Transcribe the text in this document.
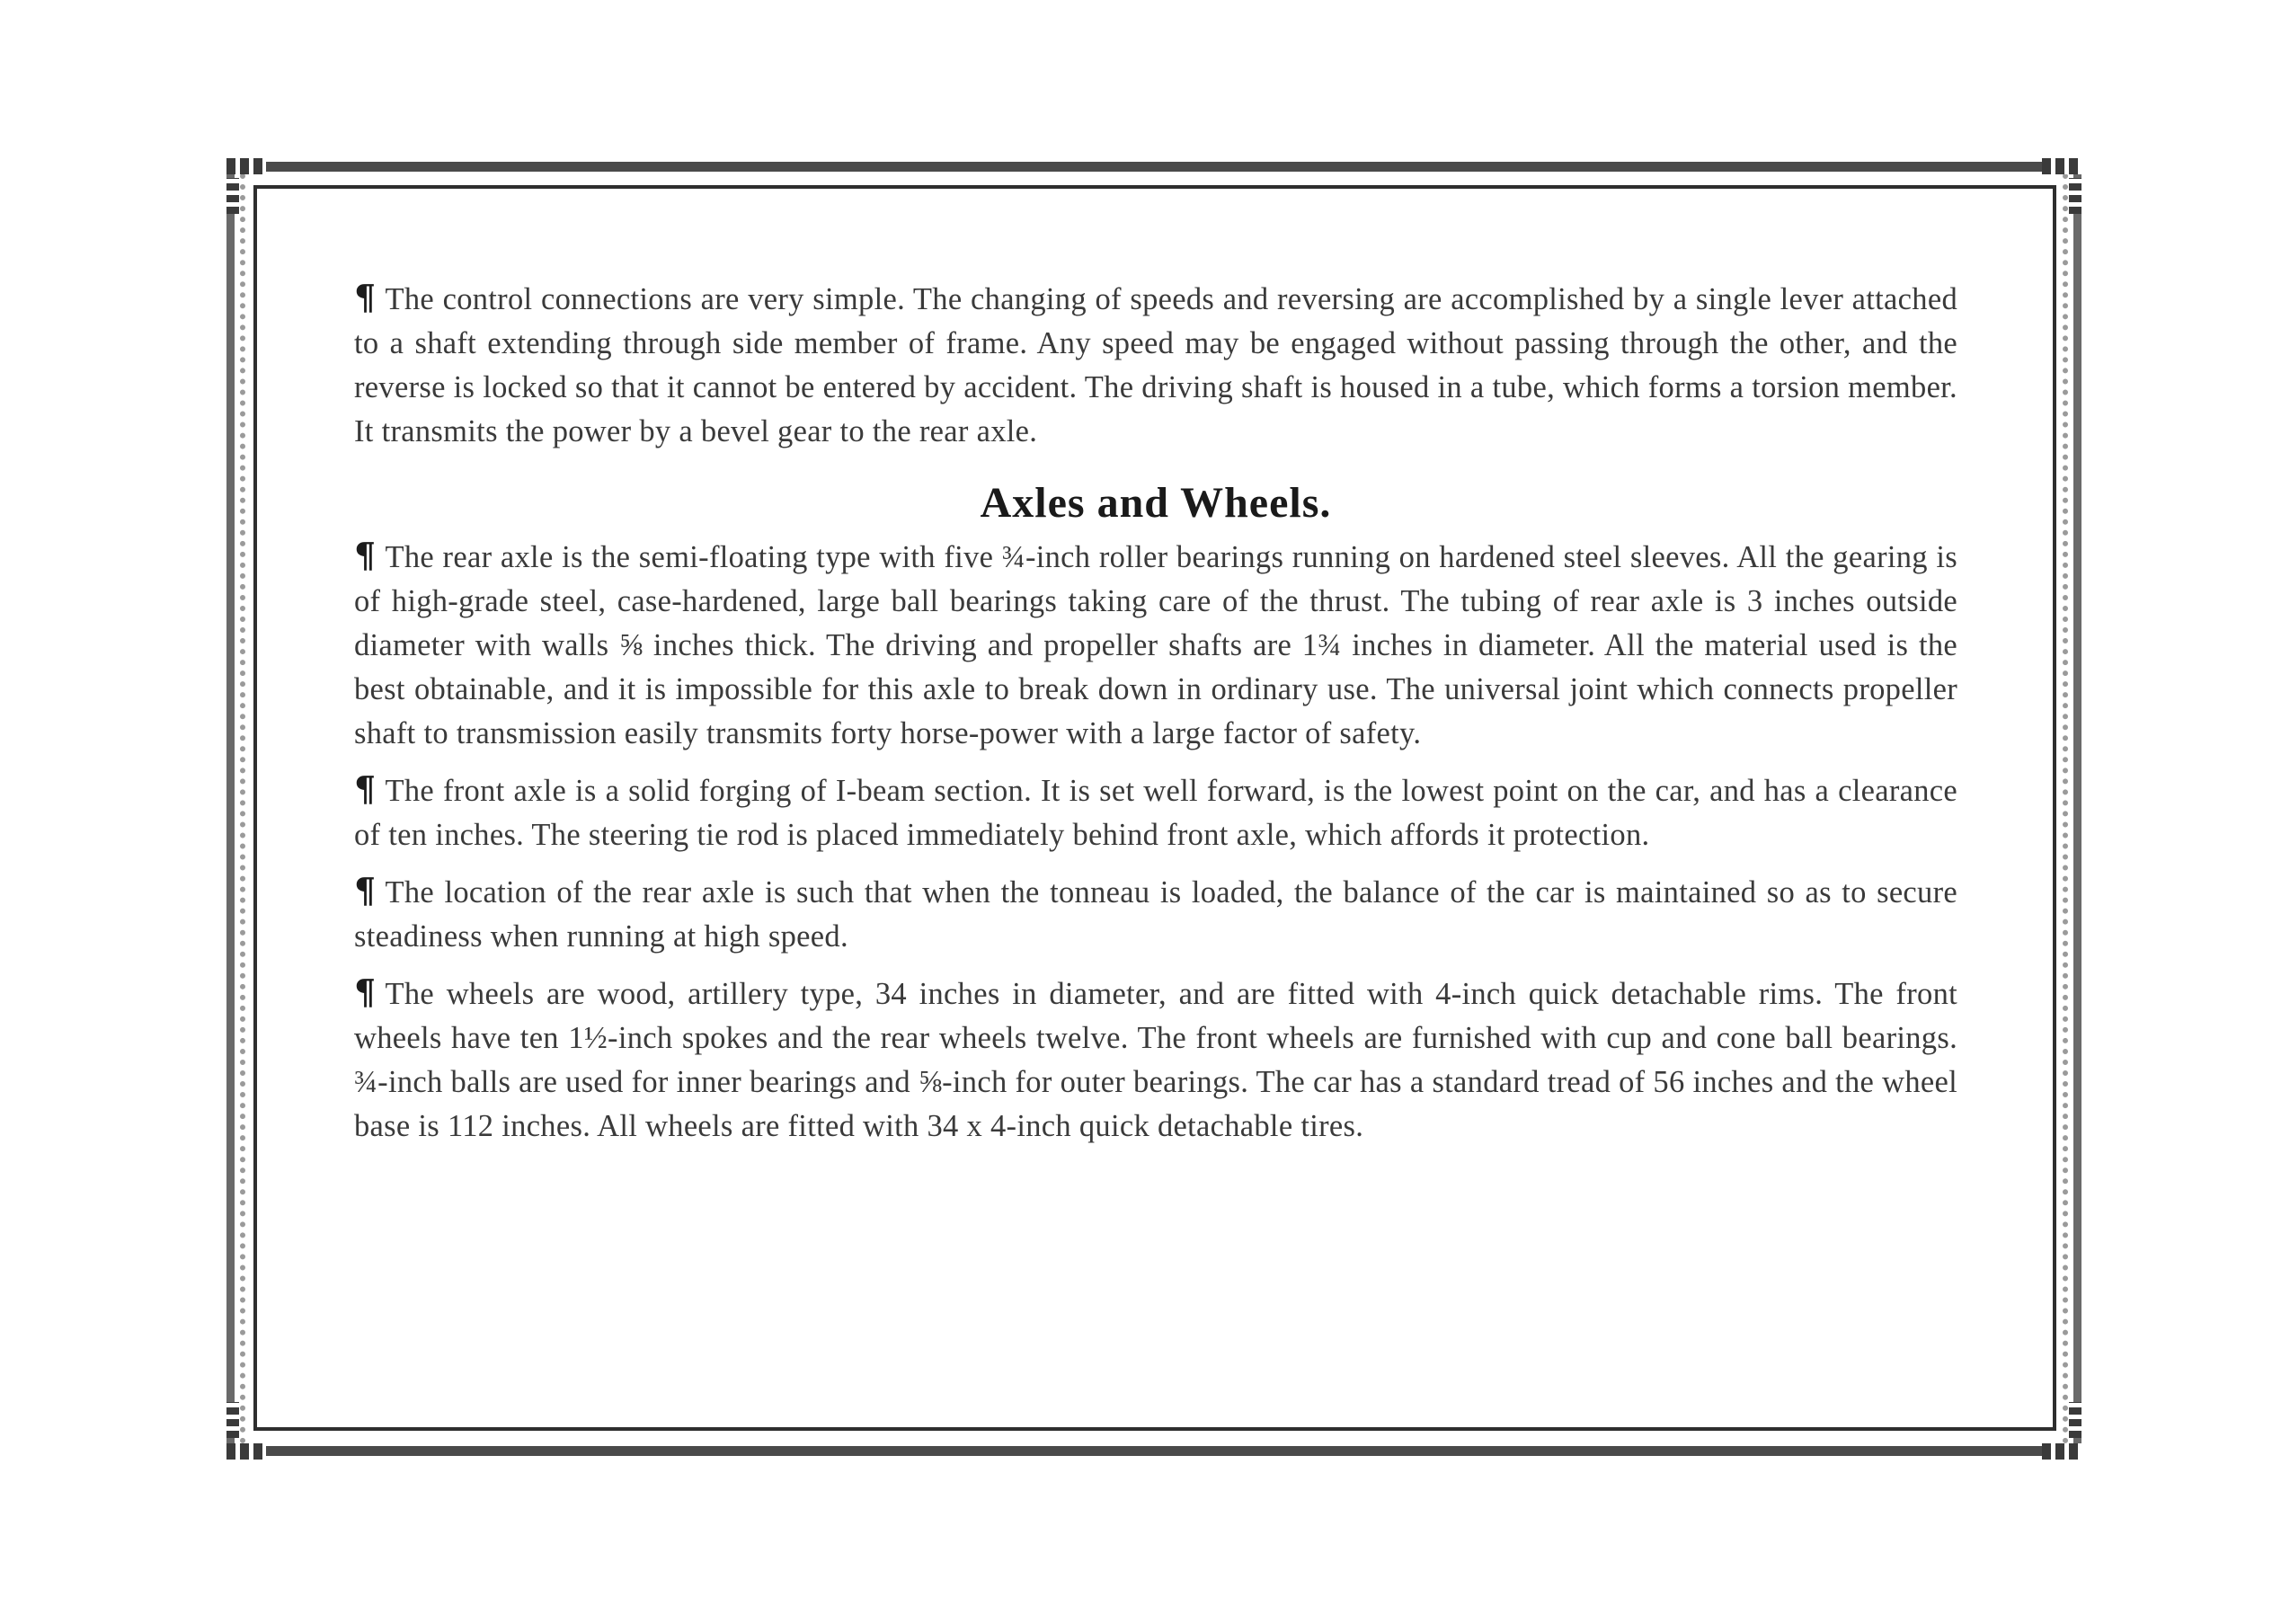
¶ The control connections are very simple. The changing of speeds and reversing are accomplished by a single lever attached to a shaft extending through side member of frame. Any speed may be engaged without passing through the other, and the reverse is locked so that it cannot be entered by accident. The driving shaft is housed in a tube, which forms a torsion member. It transmits the power by a bevel gear to the rear axle.

Axles and Wheels.

¶ The rear axle is the semi-floating type with five ¾-inch roller bearings running on hardened steel sleeves. All the gearing is of high-grade steel, case-hardened, large ball bearings taking care of the thrust. The tubing of rear axle is 3 inches outside diameter with walls ⅝ inches thick. The driving and propeller shafts are 1¾ inches in diameter. All the material used is the best obtainable, and it is impossible for this axle to break down in ordinary use. The universal joint which connects propeller shaft to transmission easily transmits forty horse-power with a large factor of safety.

¶ The front axle is a solid forging of I-beam section. It is set well forward, is the lowest point on the car, and has a clearance of ten inches. The steering tie rod is placed immediately behind front axle, which affords it protection.

¶ The location of the rear axle is such that when the tonneau is loaded, the balance of the car is maintained so as to secure steadiness when running at high speed.

¶ The wheels are wood, artillery type, 34 inches in diameter, and are fitted with 4-inch quick detachable rims. The front wheels have ten 1½-inch spokes and the rear wheels twelve. The front wheels are furnished with cup and cone ball bearings. ¾-inch balls are used for inner bearings and ⅝-inch for outer bearings. The car has a standard tread of 56 inches and the wheel base is 112 inches. All wheels are fitted with 34 x 4-inch quick detachable tires.
